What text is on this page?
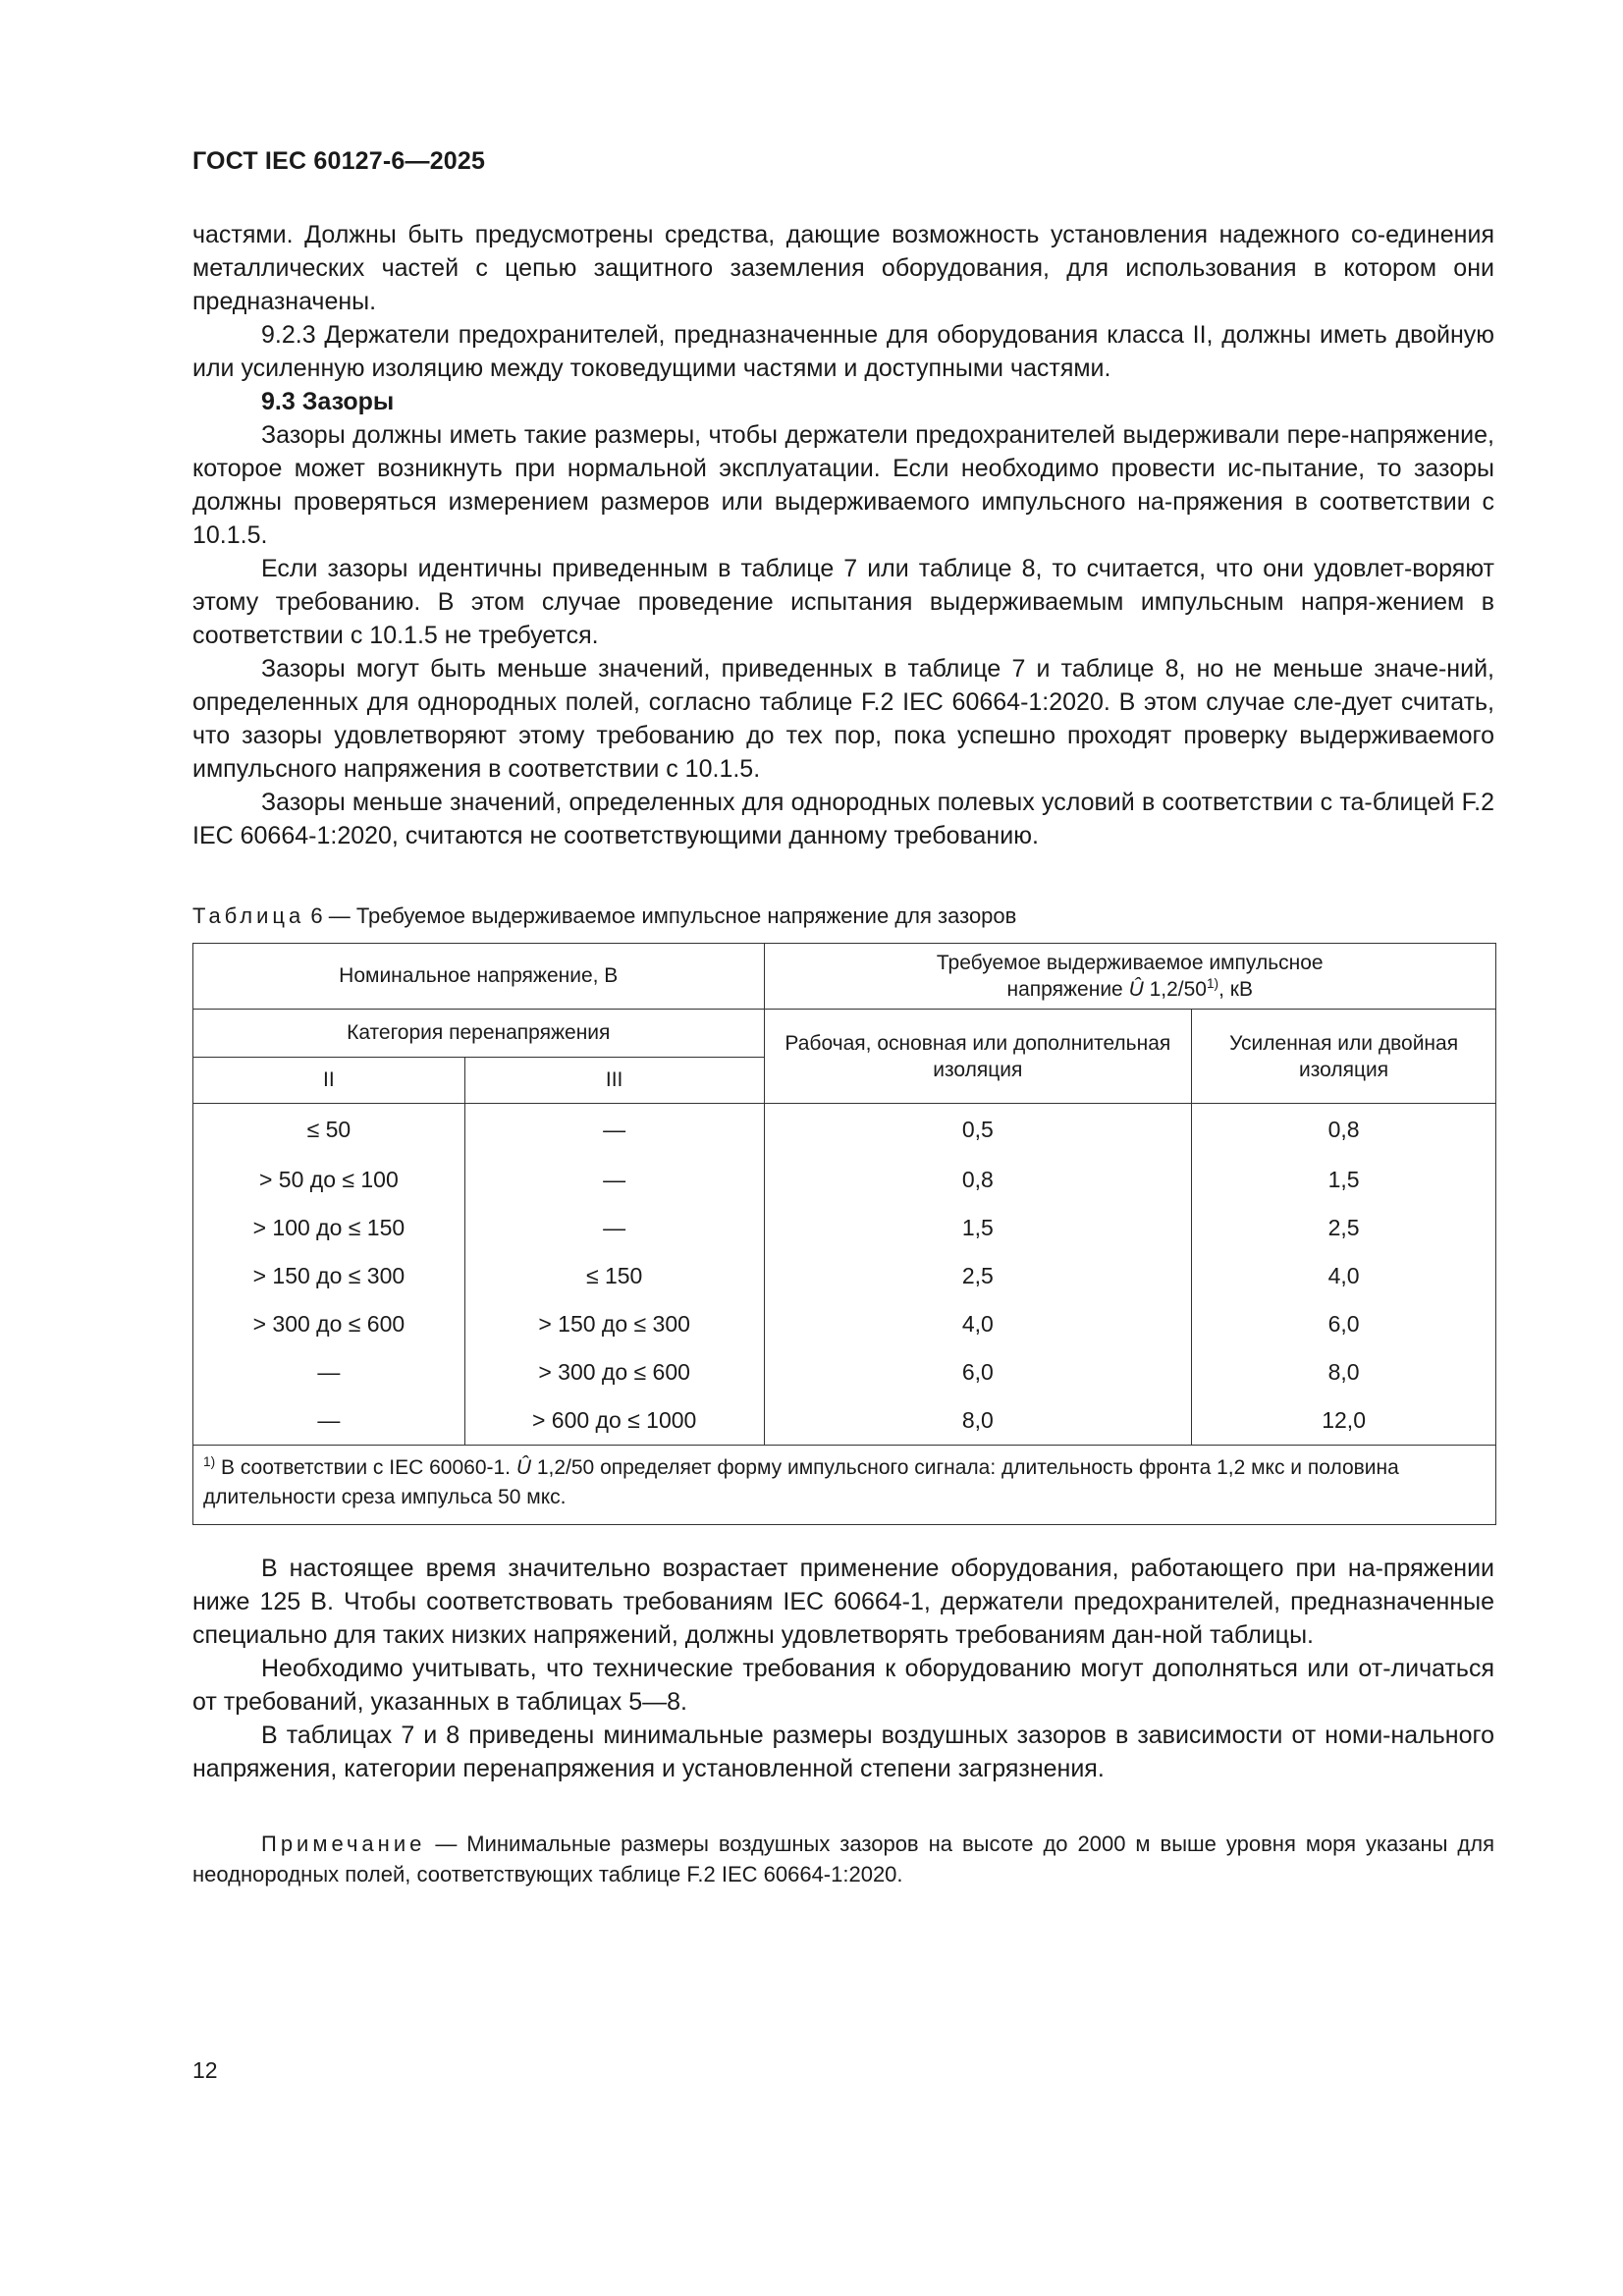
ГОСТ IEC 60127-6—2025

частями. Должны быть предусмотрены средства, дающие возможность установления надежного со-единения металлических частей с цепью защитного заземления оборудования, для использования в котором они предназначены.

9.2.3 Держатели предохранителей, предназначенные для оборудования класса II, должны иметь двойную или усиленную изоляцию между токоведущими частями и доступными частями.

9.3 Зазоры

Зазоры должны иметь такие размеры, чтобы держатели предохранителей выдерживали пере-напряжение, которое может возникнуть при нормальной эксплуатации. Если необходимо провести ис-пытание, то зазоры должны проверяться измерением размеров или выдерживаемого импульсного на-пряжения в соответствии с 10.1.5.

Если зазоры идентичны приведенным в таблице 7 или таблице 8, то считается, что они удовлет-воряют этому требованию. В этом случае проведение испытания выдерживаемым импульсным напря-жением в соответствии с 10.1.5 не требуется.

Зазоры могут быть меньше значений, приведенных в таблице 7 и таблице 8, но не меньше значе-ний, определенных для однородных полей, согласно таблице F.2 IEC 60664-1:2020. В этом случае сле-дует считать, что зазоры удовлетворяют этому требованию до тех пор, пока успешно проходят проверку выдерживаемого импульсного напряжения в соответствии с 10.1.5.

Зазоры меньше значений, определенных для однородных полевых условий в соответствии с та-блицей F.2 IEC 60664-1:2020, считаются не соответствующими данному требованию.

Таблица 6 — Требуемое выдерживаемое импульсное напряжение для зазоров
Номинальное напряжение, В		Требуемое выдерживаемое импульсное
напряжение Û 1,2/50$^{1)}$, кВ	
Категория перенапряжения		Рабочая, основная или дополнительная изоляция	Усиленная или двойная изоляция
II	III		
≤ 50	—	0,5	0,8
> 50 до ≤ 100	—	0,8	1,5
> 100 до ≤ 150	—	1,5	2,5
> 150 до ≤ 300	≤ 150	2,5	4,0
> 300 до ≤ 600	> 150 до ≤ 300	4,0	6,0
—	> 300 до ≤ 600	6,0	8,0
—	> 600 до ≤ 1000	8,0	12,0
$^{1)}$ В соответствии с IEC 60060-1. Û 1,2/50 определяет форму импульсного сигнала: длительность фронта 1,2 мкс и половина длительности среза импульса 50 мкс.			

В настоящее время значительно возрастает применение оборудования, работающего при на-пряжении ниже 125 В. Чтобы соответствовать требованиям IEC 60664-1, держатели предохранителей, предназначенные специально для таких низких напряжений, должны удовлетворять требованиям дан-ной таблицы.

Необходимо учитывать, что технические требования к оборудованию могут дополняться или от-личаться от требований, указанных в таблицах 5—8.

В таблицах 7 и 8 приведены минимальные размеры воздушных зазоров в зависимости от номи-нального напряжения, категории перенапряжения и установленной степени загрязнения.

Примечание — Минимальные размеры воздушных зазоров на высоте до 2000 м выше уровня моря указаны для неоднородных полей, соответствующих таблице F.2 IEC 60664-1:2020.
12
